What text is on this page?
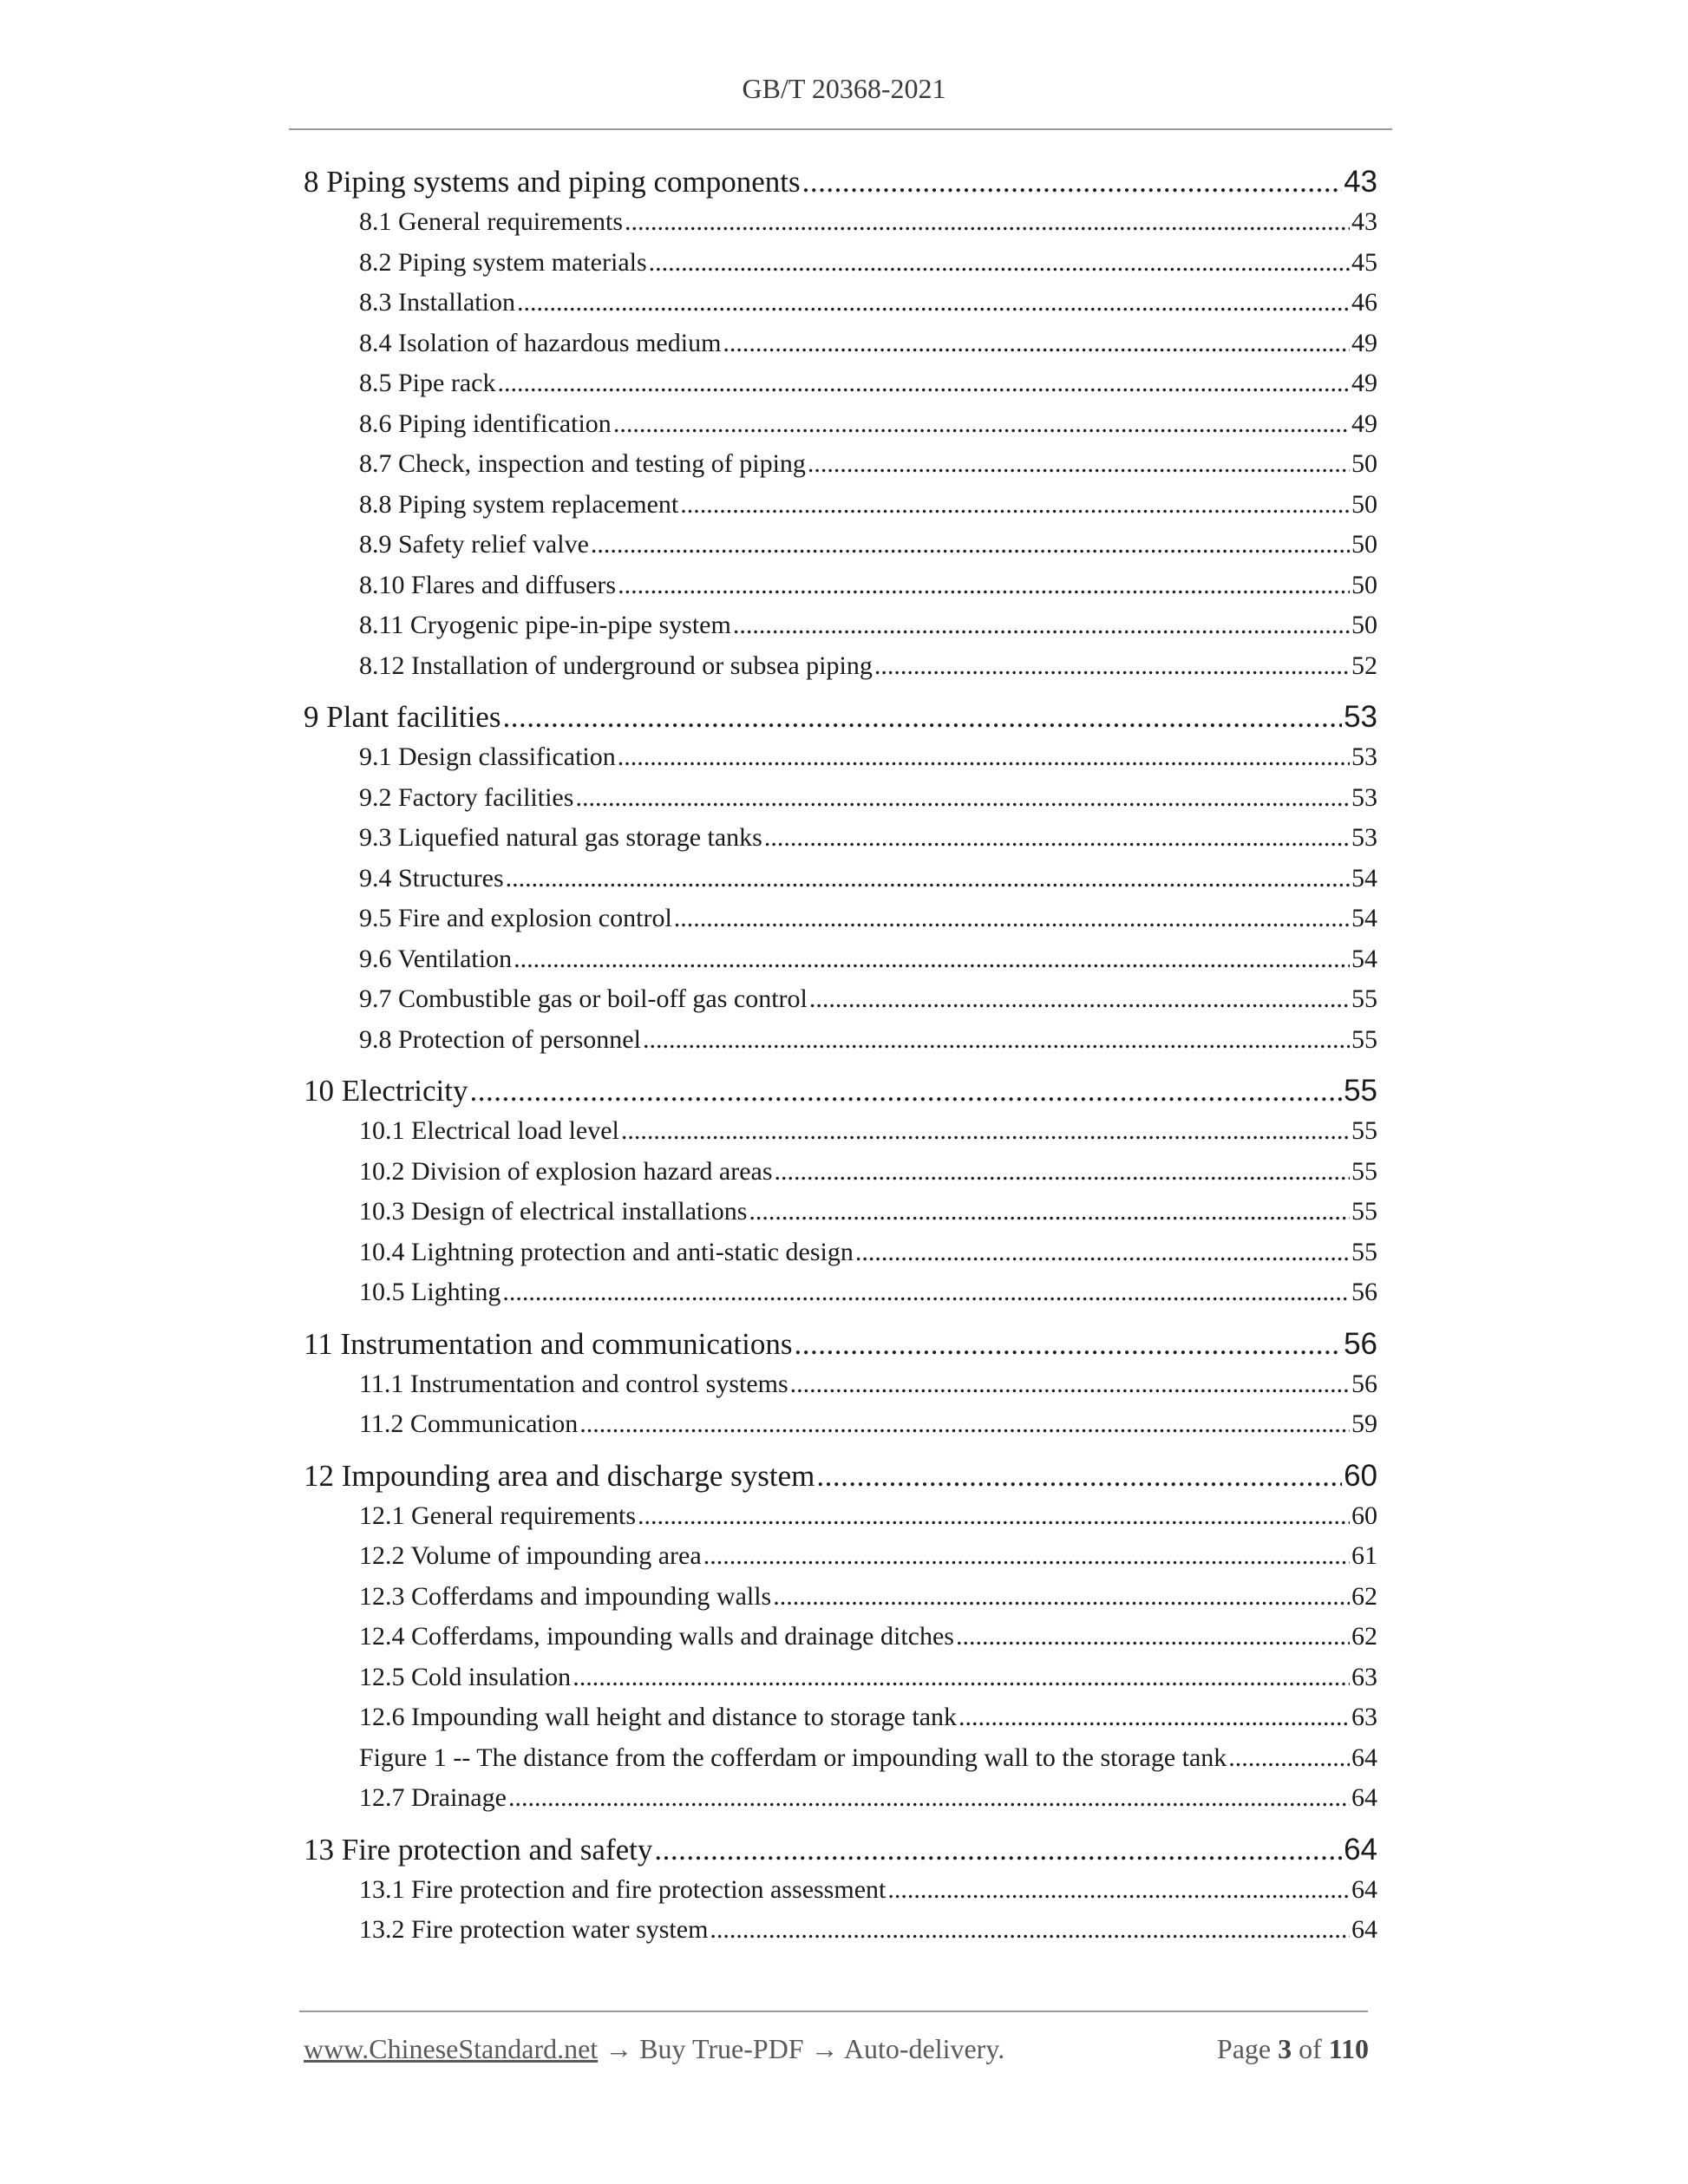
GB/T 20368-2021
8 Piping systems and piping components .....	43
8.1 General requirements .....	43
8.2 Piping system materials .....	45
8.3 Installation .....	46
8.4 Isolation of hazardous medium .....	49
8.5 Pipe rack .....	49
8.6 Piping identification .....	49
8.7 Check, inspection and testing of piping .....	50
8.8 Piping system replacement .....	50
8.9 Safety relief valve .....	50
8.10 Flares and diffusers .....	50
8.11 Cryogenic pipe-in-pipe system .....	50
8.12 Installation of underground or subsea piping .....	52
9 Plant facilities .....	53
9.1 Design classification .....	53
9.2 Factory facilities .....	53
9.3 Liquefied natural gas storage tanks .....	53
9.4 Structures .....	54
9.5 Fire and explosion control .....	54
9.6 Ventilation .....	54
9.7 Combustible gas or boil-off gas control .....	55
9.8 Protection of personnel .....	55
10 Electricity .....	55
10.1 Electrical load level .....	55
10.2 Division of explosion hazard areas .....	55
10.3 Design of electrical installations .....	55
10.4 Lightning protection and anti-static design .....	55
10.5 Lighting .....	56
11 Instrumentation and communications .....	56
11.1 Instrumentation and control systems .....	56
11.2 Communication .....	59
12 Impounding area and discharge system .....	60
12.1 General requirements .....	60
12.2 Volume of impounding area .....	61
12.3 Cofferdams and impounding walls .....	62
12.4 Cofferdams, impounding walls and drainage ditches .....	62
12.5 Cold insulation .....	63
12.6 Impounding wall height and distance to storage tank .....	63
Figure 1 -- The distance from the cofferdam or impounding wall to the storage tank .....	64
12.7 Drainage .....	64
13 Fire protection and safety .....	64
13.1 Fire protection and fire protection assessment .....	64
13.2 Fire protection water system .....	64
www.ChineseStandard.net → Buy True-PDF → Auto-delivery.	Page 3 of 110
